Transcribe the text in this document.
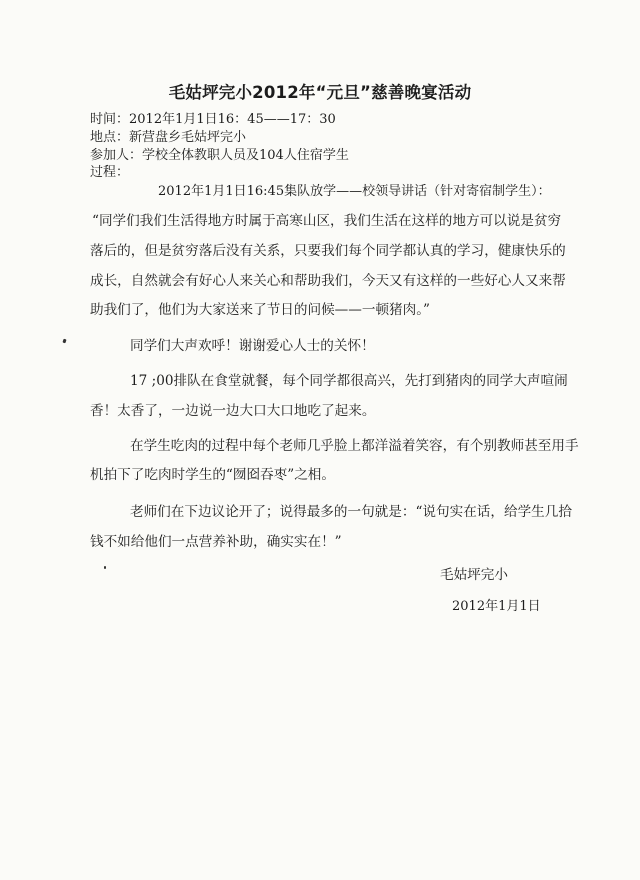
毛姑坪完小2012年“元旦”慈善晚宴活动
时间：2012年1月1日16：45——17：30
地点：新营盘乡毛姑坪完小
参加人：学校全体教职人员及104人住宿学生
过程：
2012年1月1日16:45集队放学——校领导讲话（针对寄宿制学生）：
“同学们我们生活得地方时属于高寒山区，我们生活在这样的地方可以说是贫穷
落后的，但是贫穷落后没有关系，只要我们每个同学都认真的学习，健康快乐的
成长，自然就会有好心人来关心和帮助我们，今天又有这样的一些好心人又来帮
助我们了，他们为大家送来了节日的问候——一顿猪肉。”
同学们大声欢呼！谢谢爱心人士的关怀！
17 ;00排队在食堂就餐，每个同学都很高兴，先打到猪肉的同学大声喧闹
香！太香了，一边说一边大口大口地吃了起来。
在学生吃肉的过程中每个老师几乎脸上都洋溢着笑容，有个别教师甚至用手
机拍下了吃肉时学生的“囫囵吞枣”之相。
老师们在下边议论开了；说得最多的一句就是：“说句实在话，给学生几拾
钱不如给他们一点营养补助，确实实在！”
毛姑坪完小
2012年1月1日
